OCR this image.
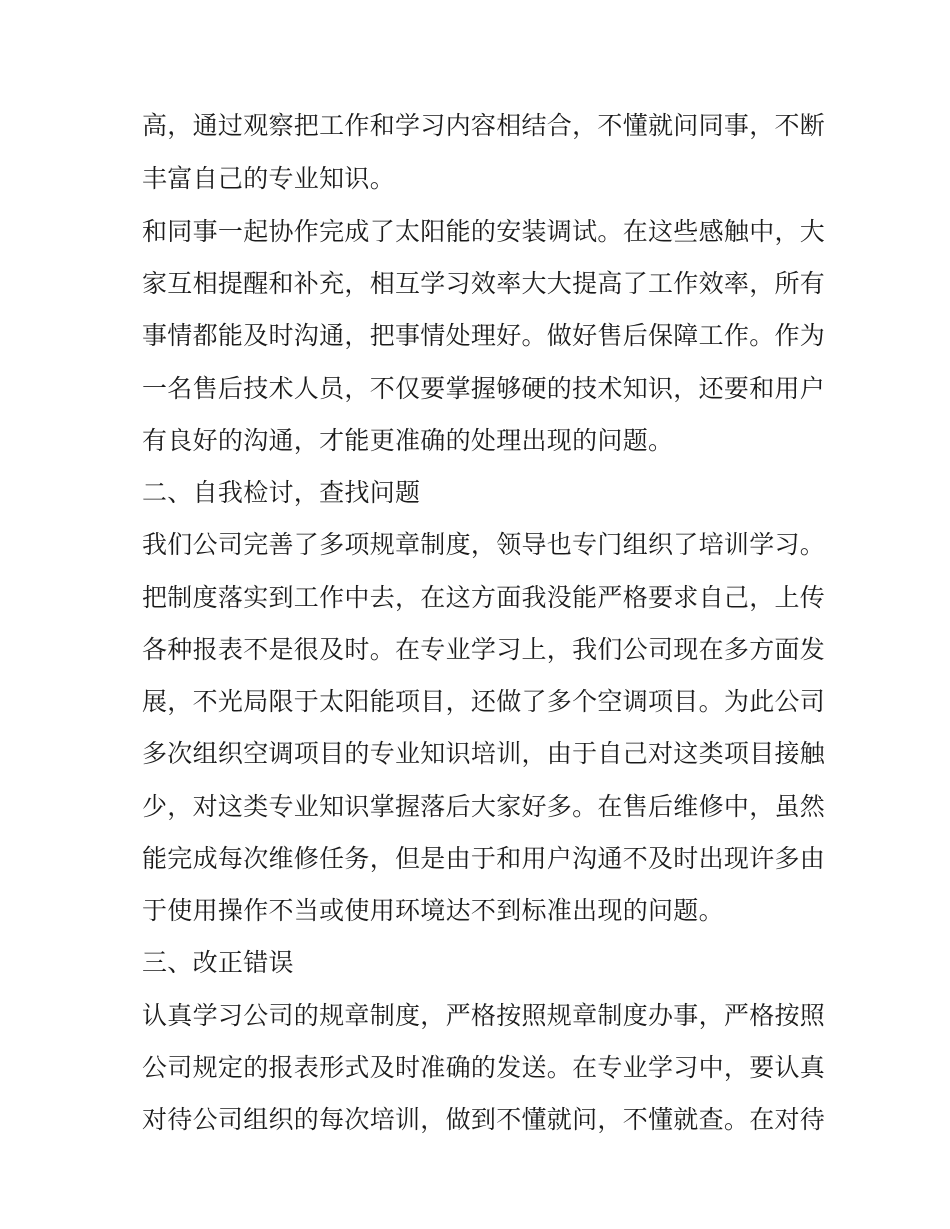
高，通过观察把工作和学习内容相结合，不懂就问同事，不断
丰富自己的专业知识。
和同事一起协作完成了太阳能的安装调试。在这些感触中，大
家互相提醒和补充，相互学习效率大大提高了工作效率，所有
事情都能及时沟通，把事情处理好。做好售后保障工作。作为
一名售后技术人员，不仅要掌握够硬的技术知识，还要和用户
有良好的沟通，才能更准确的处理出现的问题。
二、自我检讨，查找问题
我们公司完善了多项规章制度，领导也专门组织了培训学习。
把制度落实到工作中去，在这方面我没能严格要求自己，上传
各种报表不是很及时。在专业学习上，我们公司现在多方面发
展，不光局限于太阳能项目，还做了多个空调项目。为此公司
多次组织空调项目的专业知识培训，由于自己对这类项目接触
少，对这类专业知识掌握落后大家好多。在售后维修中，虽然
能完成每次维修任务，但是由于和用户沟通不及时出现许多由
于使用操作不当或使用环境达不到标准出现的问题。
三、改正错误
认真学习公司的规章制度，严格按照规章制度办事，严格按照
公司规定的报表形式及时准确的发送。在专业学习中，要认真
对待公司组织的每次培训，做到不懂就问，不懂就查。在对待
